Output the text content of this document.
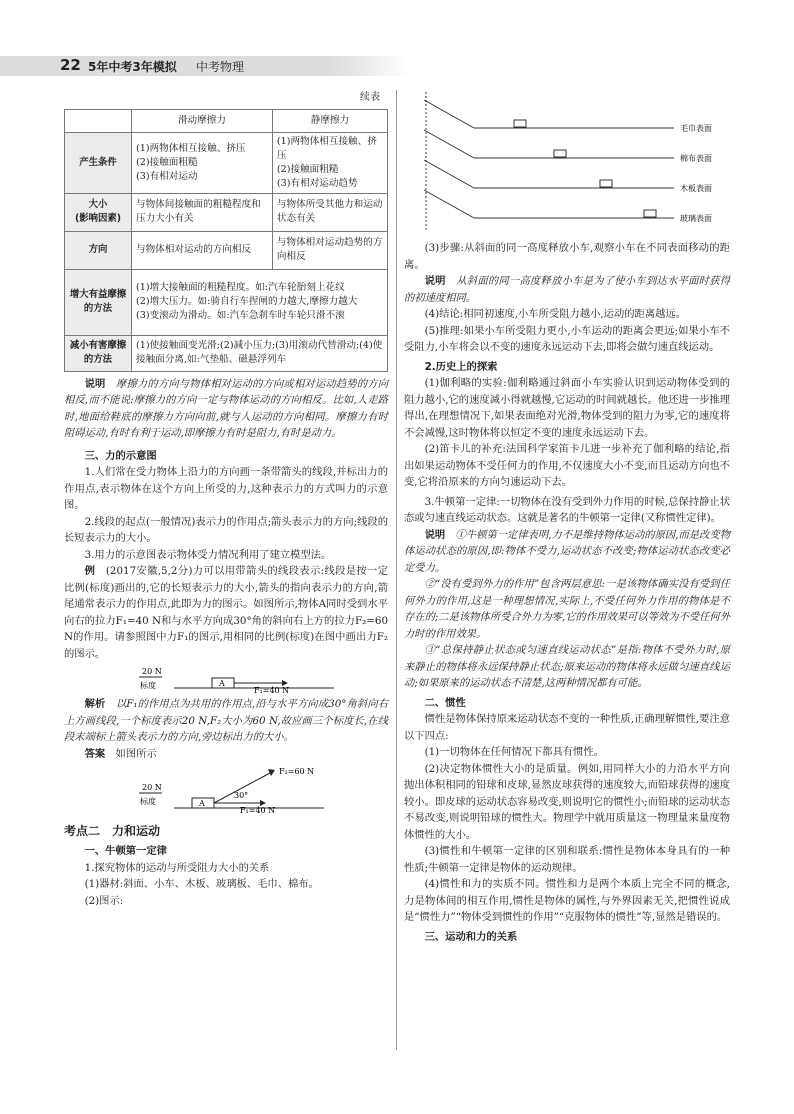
22 5年中考3年模拟 中考物理
续表
	滑动摩擦力	静摩擦力
产生条件	(1)两物体相互接触、挤压
(2)接触面粗糙
(3)有相对运动	(1)两物体相互接触、挤压
(2)接触面粗糙
(3)有相对运动趋势
大小
(影响因素)	与物体间接触面的粗糙程度和压力大小有关	与物体所受其他力和运动状态有关
方向	与物体相对运动的方向相反	与物体相对运动趋势的方向相反
增大有益摩擦的方法	(1)增大接触面的粗糙程度。如:汽车轮胎刻上花纹
(2)增大压力。如:骑自行车捏闸的力越大,摩擦力越大
(3)变滚动为滑动。如:汽车急刹车时车轮只滑不滚	
减小有害摩擦的方法	(1)使接触面变光滑;(2)减小压力;(3)用滚动代替滑动;(4)使接触面分离,如:气垫船、磁悬浮列车	

说明　 摩擦力的方向与物体相对运动的方向或相对运动趋势的方向相反,而不能说:摩擦力的方向一定与物体运动的方向相反。比如,人走路时,地面给鞋底的摩擦力方向向前,就与人运动的方向相同。摩擦力有时阻碍运动,有时有利于运动,即摩擦力有时是阻力,有时是动力。

三、力的示意图

1.人们常在受力物体上沿力的方向画一条带箭头的线段,并标出力的作用点,表示物体在这个方向上所受的力,这种表示力的方式叫力的示意图。

2.线段的起点(一般情况)表示力的作用点;箭头表示力的方向;线段的长短表示力的大小。

3.用力的示意图表示物体受力情况利用了建立模型法。

例　 (2017安徽,5,2分)力可以用带箭头的线段表示:线段是按一定比例(标度)画出的,它的长短表示力的大小,箭头的指向表示力的方向,箭尾通常表示力的作用点,此即为力的图示。如图所示,物体A同时受到水平向右的拉力F₁=40 N和与水平方向成30°角的斜向右上方的拉力F₂=60 N的作用。请参照图中力F₁的图示,用相同的比例(标度)在图中画出力F₂的图示。

20 N
标度	A
F₁=40 N

解析　 以F₁的作用点为共用的作用点,沿与水平方向成30°角斜向右上方画线段,一个标度表示20 N,F₂大小为60 N,故应画三个标度长,在线段末端标上箭头表示力的方向,旁边标出力的大小。

答案　 如图所示

20 N
标度	A
F₁=40 N
30°
F₂=60 N

考点二　力和运动

一、牛顿第一定律

1.探究物体的运动与所受阻力大小的关系

(1)器材:斜面、小车、木板、玻璃板、毛巾、棉布。

(2)图示:

毛巾表面
棉布表面
木板表面
玻璃表面

(3)步骤:从斜面的同一高度释放小车,观察小车在不同表面移动的距离。

说明　 从斜面的同一高度释放小车是为了使小车到达水平面时获得的初速度相同。

(4)结论:相同初速度,小车所受阻力越小,运动的距离越远。

(5)推理:如果小车所受阻力更小,小车运动的距离会更远;如果小车不受阻力,小车将会以不变的速度永远运动下去,即将会做匀速直线运动。

2.历史上的探索

(1)伽利略的实验:伽利略通过斜面小车实验认识到运动物体受到的阻力越小,它的速度减小得就越慢,它运动的时间就越长。他还进一步推理得出,在理想情况下,如果表面绝对光滑,物体受到的阻力为零,它的速度将不会减慢,这时物体将以恒定不变的速度永远运动下去。

(2)笛卡儿的补充:法国科学家笛卡儿进一步补充了伽利略的结论,指出如果运动物体不受任何力的作用,不仅速度大小不变,而且运动方向也不变,它将沿原来的方向匀速运动下去。

3.牛顿第一定律:一切物体在没有受到外力作用的时候,总保持静止状态或匀速直线运动状态。这就是著名的牛顿第一定律(又称惯性定律)。

说明　 ①牛顿第一定律表明,力不是维持物体运动的原因,而是改变物体运动状态的原因,即:物体不受力,运动状态不改变;物体运动状态改变必定受力。

②“没有受到外力的作用”包含两层意思:一是该物体确实没有受到任何外力的作用,这是一种理想情况,实际上,不受任何外力作用的物体是不存在的;二是该物体所受合外力为零,它的作用效果可以等效为不受任何外力时的作用效果。

③“总保持静止状态或匀速直线运动状态”是指:物体不受外力时,原来静止的物体将永远保持静止状态;原来运动的物体将永远做匀速直线运动;如果原来的运动状态不清楚,这两种情况都有可能。

二、惯性

惯性是物体保持原来运动状态不变的一种性质,正确理解惯性,要注意以下四点:

(1)一切物体在任何情况下都具有惯性。

(2)决定物体惯性大小的是质量。例如,用同样大小的力沿水平方向抛出体积相同的铅球和皮球,显然皮球获得的速度较大,而铅球获得的速度较小。即皮球的运动状态容易改变,则说明它的惯性小;而铅球的运动状态不易改变,则说明铅球的惯性大。物理学中就用质量这一物理量来量度物体惯性的大小。

(3)惯性和牛顿第一定律的区别和联系:惯性是物体本身具有的一种性质;牛顿第一定律是物体的运动规律。

(4)惯性和力的实质不同。惯性和力是两个本质上完全不同的概念,力是物体间的相互作用,惯性是物体的属性,与外界因素无关,把惯性说成是“惯性力”“物体受到惯性的作用”“克服物体的惯性”等,显然是错误的。

三、运动和力的关系
